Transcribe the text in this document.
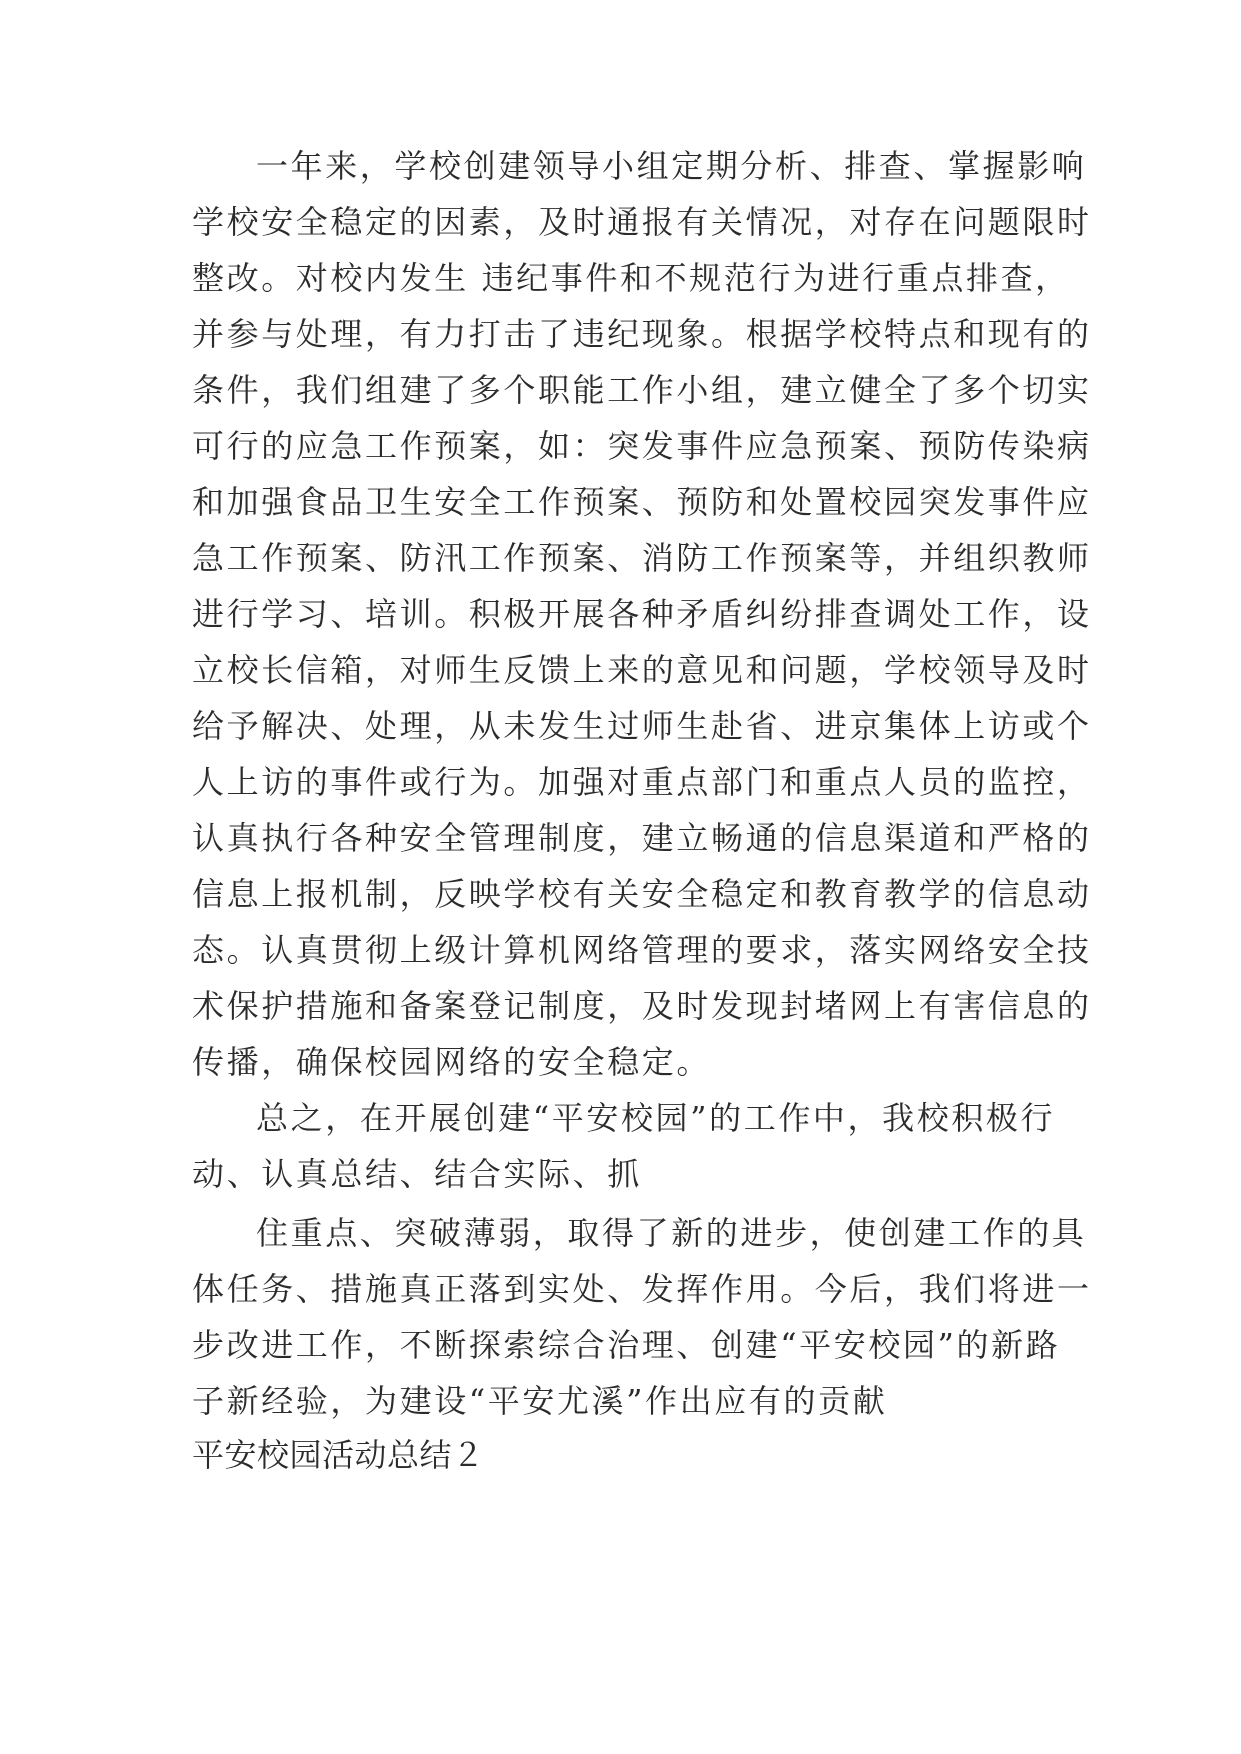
一年来，学校创建领导小组定期分析、排查、掌握影响
学校安全稳定的因素，及时通报有关情况，对存在问题限时
整改。对校内发生 违纪事件和不规范行为进行重点排查，
并参与处理，有力打击了违纪现象。根据学校特点和现有的
条件，我们组建了多个职能工作小组，建立健全了多个切实
可行的应急工作预案，如：突发事件应急预案、预防传染病
和加强食品卫生安全工作预案、预防和处置校园突发事件应
急工作预案、防汛工作预案、消防工作预案等，并组织教师
进行学习、培训。积极开展各种矛盾纠纷排查调处工作，设
立校长信箱，对师生反馈上来的意见和问题，学校领导及时
给予解决、处理，从未发生过师生赴省、进京集体上访或个
人上访的事件或行为。加强对重点部门和重点人员的监控，
认真执行各种安全管理制度，建立畅通的信息渠道和严格的
信息上报机制，反映学校有关安全稳定和教育教学的信息动
态。认真贯彻上级计算机网络管理的要求，落实网络安全技
术保护措施和备案登记制度，及时发现封堵网上有害信息的
传播，确保校园网络的安全稳定。
总之，在开展创建“平安校园”的工作中，我校积极行
动、认真总结、结合实际、抓
住重点、突破薄弱，取得了新的进步，使创建工作的具
体任务、措施真正落到实处、发挥作用。今后，我们将进一
步改进工作，不断探索综合治理、创建“平安校园”的新路
子新经验，为建设“平安尤溪”作出应有的贡献
平安校园活动总结２
